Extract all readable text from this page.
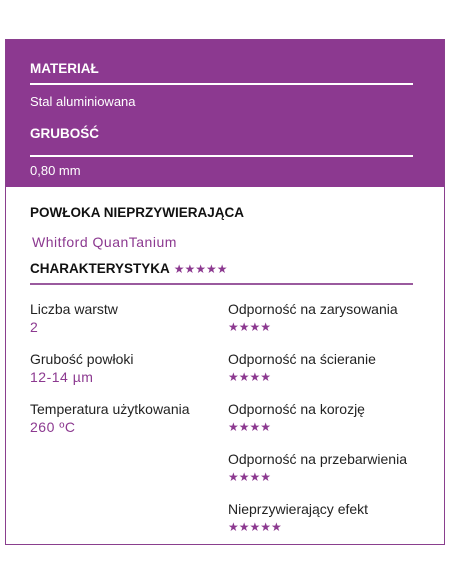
MATERIAŁ
Stal aluminiowana
GRUBOŚĆ
0,80 mm
POWŁOKA NIEPRZYWIERAJĄCA
Whitford QuanTanium
CHARAKTERYSTYKA ★★★★★
Liczba warstw
2
Grubość powłoki
12-14 µm
Temperatura użytkowania
260 ºC
Odporność na zarysowania
★★★★
Odporność na ścieranie
★★★★
Odporność na korozję
★★★★
Odporność na przebarwienia
★★★★
Nieprzywierający efekt
★★★★★
